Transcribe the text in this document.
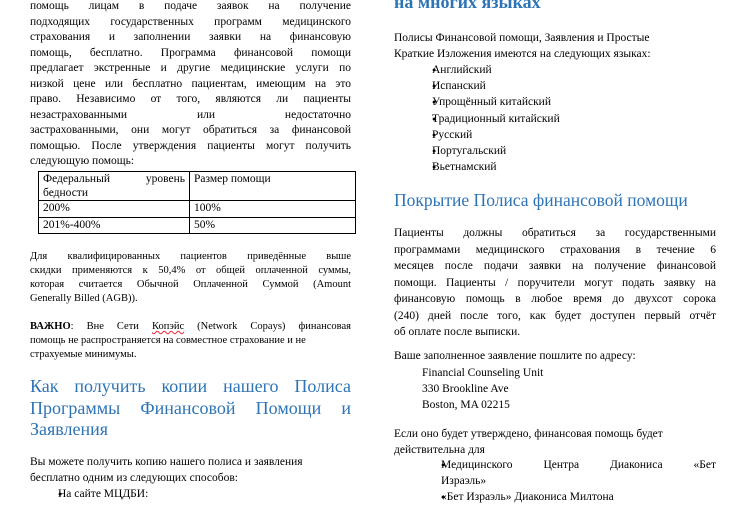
помощь лицам в подаче заявок на получение

подходящих государственных программ медицинского

страхования и заполнении заявки на финансовую

помощь, бесплатно. Программа финансовой помощи

предлагает экстренные и другие медицинские услуги по

низкой цене или бесплатно пациентам, имеющим на это

право. Независимо от того, являются ли пациенты

незастрахованными или недостаточно

застрахованными, они могут обратиться за финансовой

помощью. После утверждения пациенты могут получить

следующую помощь:

Федеральный уровень бедности	Размер помощи
200%	100%
201%-400%	50%

Для квалифицированных пациентов приведённые выше

скидки применяются к 50,4% от общей оплаченной суммы,

которая считается Обычной Оплаченной Суммой (Amount

Generally Billed (AGB)).

ВАЖНО: Вне Сети Копэйс (Network Copays) финансовая

помощь не распространяется на совместное страхование и не

страхуемые минимумы.

Как получить копии нашего Полиса
Программы Финансовой Помощи и
Заявления

Вы можете получить копию нашего полиса и заявления

бесплатно одним из следующих способов:

● На сайте МЦДБИ:
на многих языках

Полисы Финансовой помощи, Заявления и Простые

Краткие Изложения имеются на следующих языках:

● Английский
● Испанский
● Упрощённый китайский
● Традиционный китайский
● Русский
● Португальский
● Вьетнамский
Покрытие Полиса финансовой помощи

Пациенты должны обратиться за государственными

программами медицинского страхования в течение 6

месяцев после подачи заявки на получение финансовой

помощи. Пациенты / поручители могут подать заявку на

финансовую помощь в любое время до двухсот сорока

(240) дней после того, как будет доступен первый отчёт

об оплате после выписки.

Ваше заполненное заявление пошлите по адресу:

Financial Counseling Unit

330 Brookline Ave

Boston, MA 02215

Если оно будет утверждено, финансовая помощь будет

действительна для

● Медицинского Центра Диакониса «Бет
Израэль»
● «Бет Израэль» Диакониса Милтона
